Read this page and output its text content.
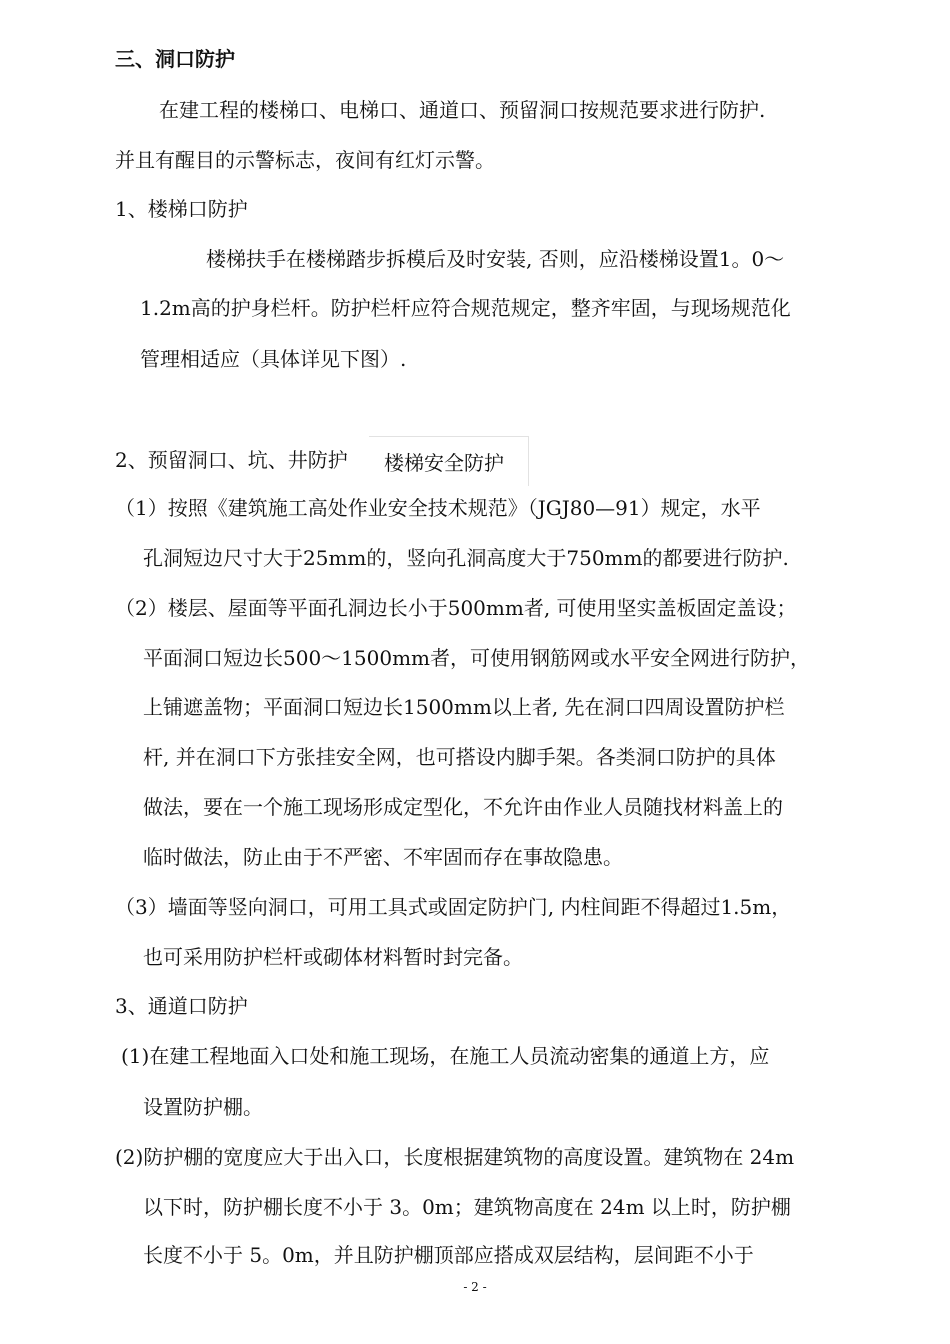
三、洞口防护
在建工程的楼梯口、电梯口、通道口、预留洞口按规范要求进行防护.
并且有醒目的示警标志，夜间有红灯示警。
1、楼梯口防护
楼梯扶手在楼梯踏步拆模后及时安装, 否则，应沿楼梯设置1。0～
1.2m高的护身栏杆。防护栏杆应符合规范规定，整齐牢固，与现场规范化
管理相适应（具体详见下图）.
2、预留洞口、坑、井防护 楼梯安全防护
（1）按照《建筑施工高处作业安全技术规范》（JGJ80—91）规定，水平
孔洞短边尺寸大于25mm的，竖向孔洞高度大于750mm的都要进行防护.
（2）楼层、屋面等平面孔洞边长小于500mm者, 可使用坚实盖板固定盖设；
平面洞口短边长500～1500mm者，可使用钢筋网或水平安全网进行防护，
上铺遮盖物；平面洞口短边长1500mm以上者, 先在洞口四周设置防护栏
杆, 并在洞口下方张挂安全网，也可搭设内脚手架。各类洞口防护的具体
做法，要在一个施工现场形成定型化，不允许由作业人员随找材料盖上的
临时做法，防止由于不严密、不牢固而存在事故隐患。
（3）墙面等竖向洞口，可用工具式或固定防护门, 内柱间距不得超过1.5m，
也可采用防护栏杆或砌体材料暂时封完备。
3、通道口防护
(1)在建工程地面入口处和施工现场，在施工人员流动密集的通道上方，应
设置防护棚。
(2)防护棚的宽度应大于出入口，长度根据建筑物的高度设置。建筑物在 24m
以下时，防护棚长度不小于 3。0m；建筑物高度在 24m 以上时，防护棚
长度不小于 5。0m，并且防护棚顶部应搭成双层结构，层间距不小于
- 2 -
